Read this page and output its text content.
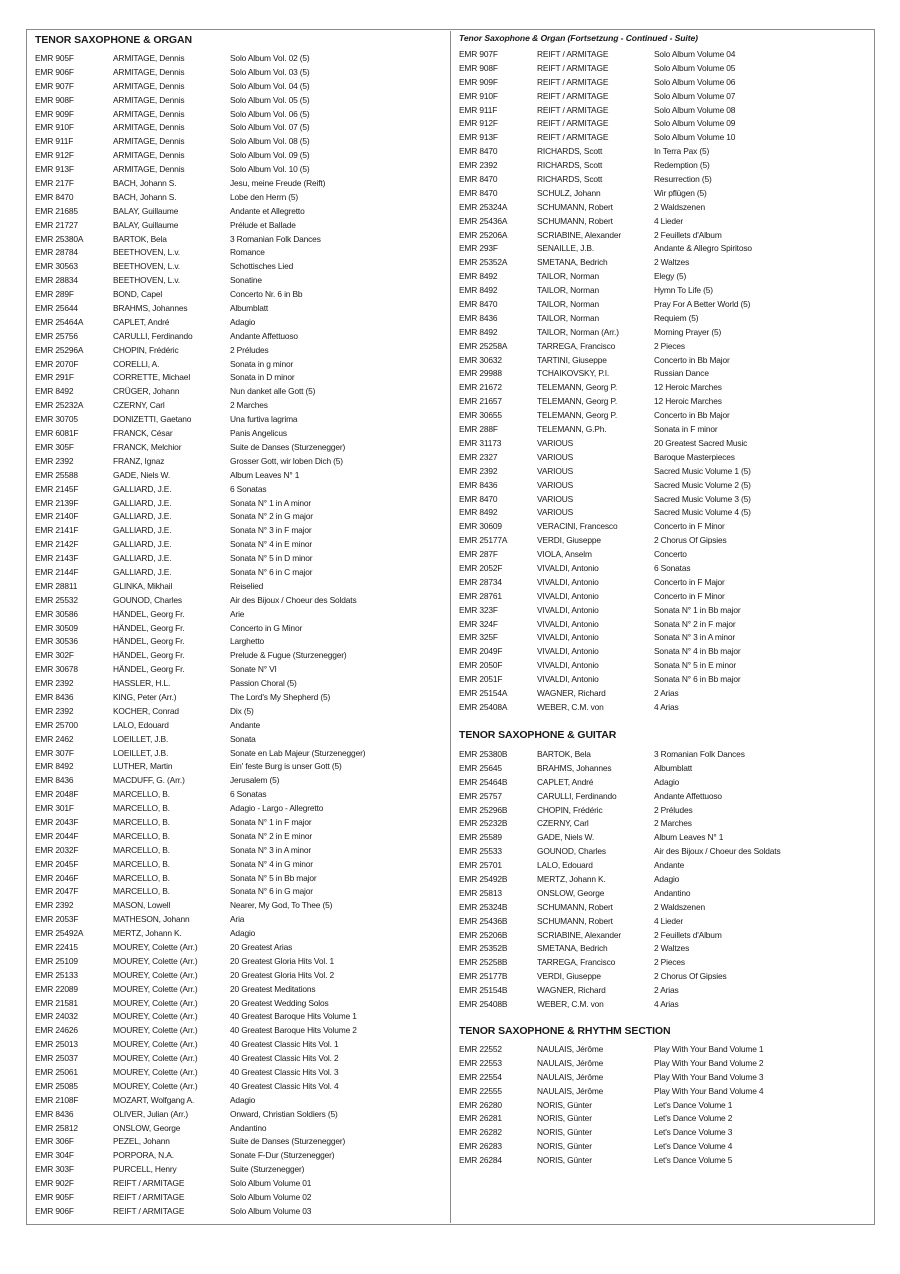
TENOR SAXOPHONE & ORGAN
EMR 905F	ARMITAGE, Dennis	Solo Album Vol. 02 (5)
EMR 906F	ARMITAGE, Dennis	Solo Album Vol. 03 (5)
EMR 907F	ARMITAGE, Dennis	Solo Album Vol. 04 (5)
EMR 908F	ARMITAGE, Dennis	Solo Album Vol. 05 (5)
EMR 909F	ARMITAGE, Dennis	Solo Album Vol. 06 (5)
EMR 910F	ARMITAGE, Dennis	Solo Album Vol. 07 (5)
EMR 911F	ARMITAGE, Dennis	Solo Album Vol. 08 (5)
EMR 912F	ARMITAGE, Dennis	Solo Album Vol. 09 (5)
EMR 913F	ARMITAGE, Dennis	Solo Album Vol. 10 (5)
EMR 217F	BACH, Johann S.	Jesu, meine Freude (Reift)
EMR 8470	BACH, Johann S.	Lobe den Herrn (5)
EMR 21685	BALAY, Guillaume	Andante et Allegretto
EMR 21727	BALAY, Guillaume	Prélude et Ballade
EMR 25380A	BARTOK, Bela	3 Romanian Folk Dances
EMR 28784	BEETHOVEN, L.v.	Romance
EMR 30563	BEETHOVEN, L.v.	Schottisches Lied
EMR 28834	BEETHOVEN, L.v.	Sonatine
EMR 289F	BOND, Capel	Concerto Nr. 6 in Bb
EMR 25644	BRAHMS, Johannes	Albumblatt
EMR 25464A	CAPLET, André	Adagio
EMR 25756	CARULLI, Ferdinando	Andante Affettuoso
EMR 25296A	CHOPIN, Frédéric	2 Préludes
EMR 2070F	CORELLI, A.	Sonata in g minor
EMR 291F	CORRETTE, Michael	Sonata in D minor
EMR 8492	CRÜGER, Johann	Nun danket alle Gott (5)
EMR 25232A	CZERNY, Carl	2 Marches
EMR 30705	DONIZETTI, Gaetano	Una furtiva lagrima
EMR 6081F	FRANCK, César	Panis Angelicus
EMR 305F	FRANCK, Melchior	Suite de Danses (Sturzenegger)
EMR 2392	FRANZ, Ignaz	Grosser Gott, wir loben Dich (5)
EMR 25588	GADE, Niels W.	Album Leaves N° 1
EMR 2145F	GALLIARD, J.E.	6 Sonatas
EMR 2139F	GALLIARD, J.E.	Sonata N° 1 in A minor
EMR 2140F	GALLIARD, J.E.	Sonata N° 2 in G major
EMR 2141F	GALLIARD, J.E.	Sonata N° 3 in F major
EMR 2142F	GALLIARD, J.E.	Sonata N° 4 in E minor
EMR 2143F	GALLIARD, J.E.	Sonata N° 5 in D minor
EMR 2144F	GALLIARD, J.E.	Sonata N° 6 in C major
EMR 28811	GLINKA, Mikhail	Reiselied
EMR 25532	GOUNOD, Charles	Air des Bijoux / Choeur des Soldats
EMR 30586	HÄNDEL, Georg Fr.	Arie
EMR 30509	HÄNDEL, Georg Fr.	Concerto in G Minor
EMR 30536	HÄNDEL, Georg Fr.	Larghetto
EMR 302F	HÄNDEL, Georg Fr.	Prelude & Fugue (Sturzenegger)
EMR 30678	HÄNDEL, Georg Fr.	Sonate N° VI
EMR 2392	HASSLER, H.L.	Passion Choral (5)
EMR 8436	KING, Peter (Arr.)	The Lord's My Shepherd (5)
EMR 2392	KOCHER, Conrad	Dix (5)
EMR 25700	LALO, Edouard	Andante
EMR 2462	LOEILLET, J.B.	Sonata
EMR 307F	LOEILLET, J.B.	Sonate en Lab Majeur (Sturzenegger)
EMR 8492	LUTHER, Martin	Ein' feste Burg is unser Gott (5)
EMR 8436	MACDUFF, G. (Arr.)	Jerusalem (5)
EMR 2048F	MARCELLO, B.	6 Sonatas
EMR 301F	MARCELLO, B.	Adagio - Largo - Allegretto
EMR 2043F	MARCELLO, B.	Sonata N° 1 in F major
EMR 2044F	MARCELLO, B.	Sonata N° 2 in E minor
EMR 2032F	MARCELLO, B.	Sonata N° 3 in A minor
EMR 2045F	MARCELLO, B.	Sonata N° 4 in G minor
EMR 2046F	MARCELLO, B.	Sonata N° 5 in Bb major
EMR 2047F	MARCELLO, B.	Sonata N° 6 in G major
EMR 2392	MASON, Lowell	Nearer, My God, To Thee (5)
EMR 2053F	MATHESON, Johann	Aria
EMR 25492A	MERTZ, Johann K.	Adagio
EMR 22415	MOUREY, Colette (Arr.)	20 Greatest Arias
EMR 25109	MOUREY, Colette (Arr.)	20 Greatest Gloria Hits Vol. 1
EMR 25133	MOUREY, Colette (Arr.)	20 Greatest Gloria Hits Vol. 2
EMR 22089	MOUREY, Colette (Arr.)	20 Greatest Meditations
EMR 21581	MOUREY, Colette (Arr.)	20 Greatest Wedding Solos
EMR 24032	MOUREY, Colette (Arr.)	40 Greatest Baroque Hits Volume 1
EMR 24626	MOUREY, Colette (Arr.)	40 Greatest Baroque Hits Volume 2
EMR 25013	MOUREY, Colette (Arr.)	40 Greatest Classic Hits Vol. 1
EMR 25037	MOUREY, Colette (Arr.)	40 Greatest Classic Hits Vol. 2
EMR 25061	MOUREY, Colette (Arr.)	40 Greatest Classic Hits Vol. 3
EMR 25085	MOUREY, Colette (Arr.)	40 Greatest Classic Hits Vol. 4
EMR 2108F	MOZART, Wolfgang A.	Adagio
EMR 8436	OLIVER, Julian (Arr.)	Onward, Christian Soldiers (5)
EMR 25812	ONSLOW, George	Andantino
EMR 306F	PEZEL, Johann	Suite de Danses (Sturzenegger)
EMR 304F	PORPORA, N.A.	Sonate F-Dur (Sturzenegger)
EMR 303F	PURCELL, Henry	Suite (Sturzenegger)
EMR 902F	REIFT / ARMITAGE	Solo Album Volume 01
EMR 905F	REIFT / ARMITAGE	Solo Album Volume 02
EMR 906F	REIFT / ARMITAGE	Solo Album Volume 03
Tenor Saxophone & Organ (Fortsetzung - Continued - Suite)
EMR 907F	REIFT / ARMITAGE	Solo Album Volume 04
EMR 908F	REIFT / ARMITAGE	Solo Album Volume 05
EMR 909F	REIFT / ARMITAGE	Solo Album Volume 06
EMR 910F	REIFT / ARMITAGE	Solo Album Volume 07
EMR 911F	REIFT / ARMITAGE	Solo Album Volume 08
EMR 912F	REIFT / ARMITAGE	Solo Album Volume 09
EMR 913F	REIFT / ARMITAGE	Solo Album Volume 10
EMR 8470	RICHARDS, Scott	In Terra Pax (5)
EMR 2392	RICHARDS, Scott	Redemption (5)
EMR 8470	RICHARDS, Scott	Resurrection (5)
EMR 8470	SCHULZ, Johann	Wir pflügen (5)
EMR 25324A	SCHUMANN, Robert	2 Waldszenen
EMR 25436A	SCHUMANN, Robert	4 Lieder
EMR 25206A	SCRIABINE, Alexander	2 Feuillets d'Album
EMR 293F	SENAILLE, J.B.	Andante & Allegro Spiritoso
EMR 25352A	SMETANA, Bedrich	2 Waltzes
EMR 8492	TAILOR, Norman	Elegy (5)
EMR 8492	TAILOR, Norman	Hymn To Life (5)
EMR 8470	TAILOR, Norman	Pray For A Better World (5)
EMR 8436	TAILOR, Norman	Requiem (5)
EMR 8492	TAILOR, Norman (Arr.)	Morning Prayer (5)
EMR 25258A	TARREGA, Francisco	2 Pieces
EMR 30632	TARTINI, Giuseppe	Concerto in Bb Major
EMR 29988	TCHAIKOVSKY, P.I.	Russian Dance
EMR 21672	TELEMANN, Georg P.	12 Heroic Marches
EMR 21657	TELEMANN, Georg P.	12 Heroic Marches
EMR 30655	TELEMANN, Georg P.	Concerto in Bb Major
EMR 288F	TELEMANN, G.Ph.	Sonata in F minor
EMR 31173	VARIOUS	20 Greatest Sacred Music
EMR 2327	VARIOUS	Baroque Masterpieces
EMR 2392	VARIOUS	Sacred Music Volume 1 (5)
EMR 8436	VARIOUS	Sacred Music Volume 2 (5)
EMR 8470	VARIOUS	Sacred Music Volume 3 (5)
EMR 8492	VARIOUS	Sacred Music Volume 4 (5)
EMR 30609	VERACINI, Francesco	Concerto in F Minor
EMR 25177A	VERDI, Giuseppe	2 Chorus Of Gipsies
EMR 287F	VIOLA, Anselm	Concerto
EMR 2052F	VIVALDI, Antonio	6 Sonatas
EMR 28734	VIVALDI, Antonio	Concerto in F Major
EMR 28761	VIVALDI, Antonio	Concerto in F Minor
EMR 323F	VIVALDI, Antonio	Sonata N° 1 in Bb major
EMR 324F	VIVALDI, Antonio	Sonata N° 2 in F major
EMR 325F	VIVALDI, Antonio	Sonata N° 3 in A minor
EMR 2049F	VIVALDI, Antonio	Sonata N° 4 in Bb major
EMR 2050F	VIVALDI, Antonio	Sonata N° 5 in E minor
EMR 2051F	VIVALDI, Antonio	Sonata N° 6 in Bb major
EMR 25154A	WAGNER, Richard	2 Arias
EMR 25408A	WEBER, C.M. von	4 Arias
TENOR SAXOPHONE & GUITAR
EMR 25380B	BARTOK, Bela	3 Romanian Folk Dances
EMR 25645	BRAHMS, Johannes	Albumblatt
EMR 25464B	CAPLET, André	Adagio
EMR 25757	CARULLI, Ferdinando	Andante Affettuoso
EMR 25296B	CHOPIN, Frédéric	2 Préludes
EMR 25232B	CZERNY, Carl	2 Marches
EMR 25589	GADE, Niels W.	Album Leaves N° 1
EMR 25533	GOUNOD, Charles	Air des Bijoux / Choeur des Soldats
EMR 25701	LALO, Edouard	Andante
EMR 25492B	MERTZ, Johann K.	Adagio
EMR 25813	ONSLOW, George	Andantino
EMR 25324B	SCHUMANN, Robert	2 Waldszenen
EMR 25436B	SCHUMANN, Robert	4 Lieder
EMR 25206B	SCRIABINE, Alexander	2 Feuillets d'Album
EMR 25352B	SMETANA, Bedrich	2 Waltzes
EMR 25258B	TARREGA, Francisco	2 Pieces
EMR 25177B	VERDI, Giuseppe	2 Chorus Of Gipsies
EMR 25154B	WAGNER, Richard	2 Arias
EMR 25408B	WEBER, C.M. von	4 Arias
TENOR SAXOPHONE & RHYTHM SECTION
EMR 22552	NAULAIS, Jérôme	Play With Your Band Volume 1
EMR 22553	NAULAIS, Jérôme	Play With Your Band Volume 2
EMR 22554	NAULAIS, Jérôme	Play With Your Band Volume 3
EMR 22555	NAULAIS, Jérôme	Play With Your Band Volume 4
EMR 26280	NORIS, Günter	Let's Dance Volume 1
EMR 26281	NORIS, Günter	Let's Dance Volume 2
EMR 26282	NORIS, Günter	Let's Dance Volume 3
EMR 26283	NORIS, Günter	Let's Dance Volume 4
EMR 26284	NORIS, Günter	Let's Dance Volume 5
